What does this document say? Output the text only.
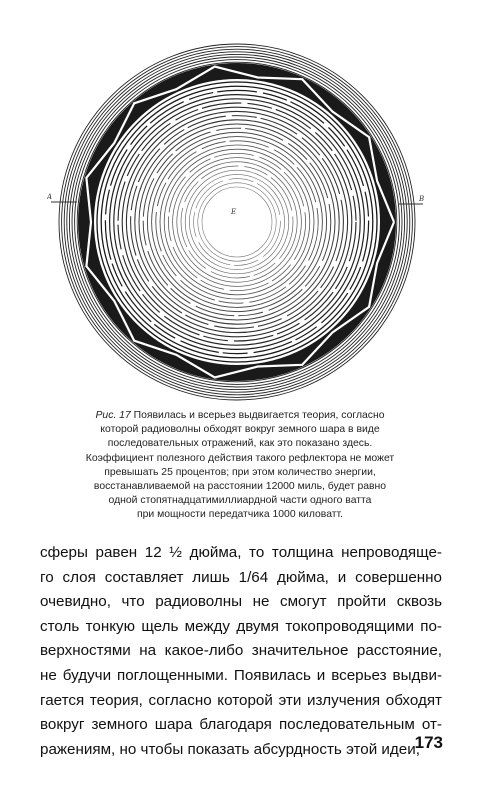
A	B
E
Рис. 17 Появилась и всерьез выдвигается теория, согласно
которой радиоволны обходят вокруг земного шара в виде
последовательных отражений, как это показано здесь.
Коэффициент полезного действия такого рефлектора не может
превышать 25 процентов; при этом количество энергии,
восстанавливаемой на расстоянии 12000 миль, будет равно
одной стопятнадцатимиллиардной части одного ватта
при мощности передатчика 1000 киловатт.
сферы равен 12 ½ дюйма, то толщина непроводяще-
го слоя составляет лишь 1/64 дюйма, и совершенно
очевидно, что радиоволны не смогут пройти сквозь
столь тонкую щель между двумя токопроводящими по-
верхностями на какое-либо значительное расстояние,
не будучи поглощенными. Появилась и всерьез выдви-
гается теория, согласно которой эти излучения обходят
вокруг земного шара благодаря последовательным от-
ражениям, но чтобы показать абсурдность этой идеи,
173
